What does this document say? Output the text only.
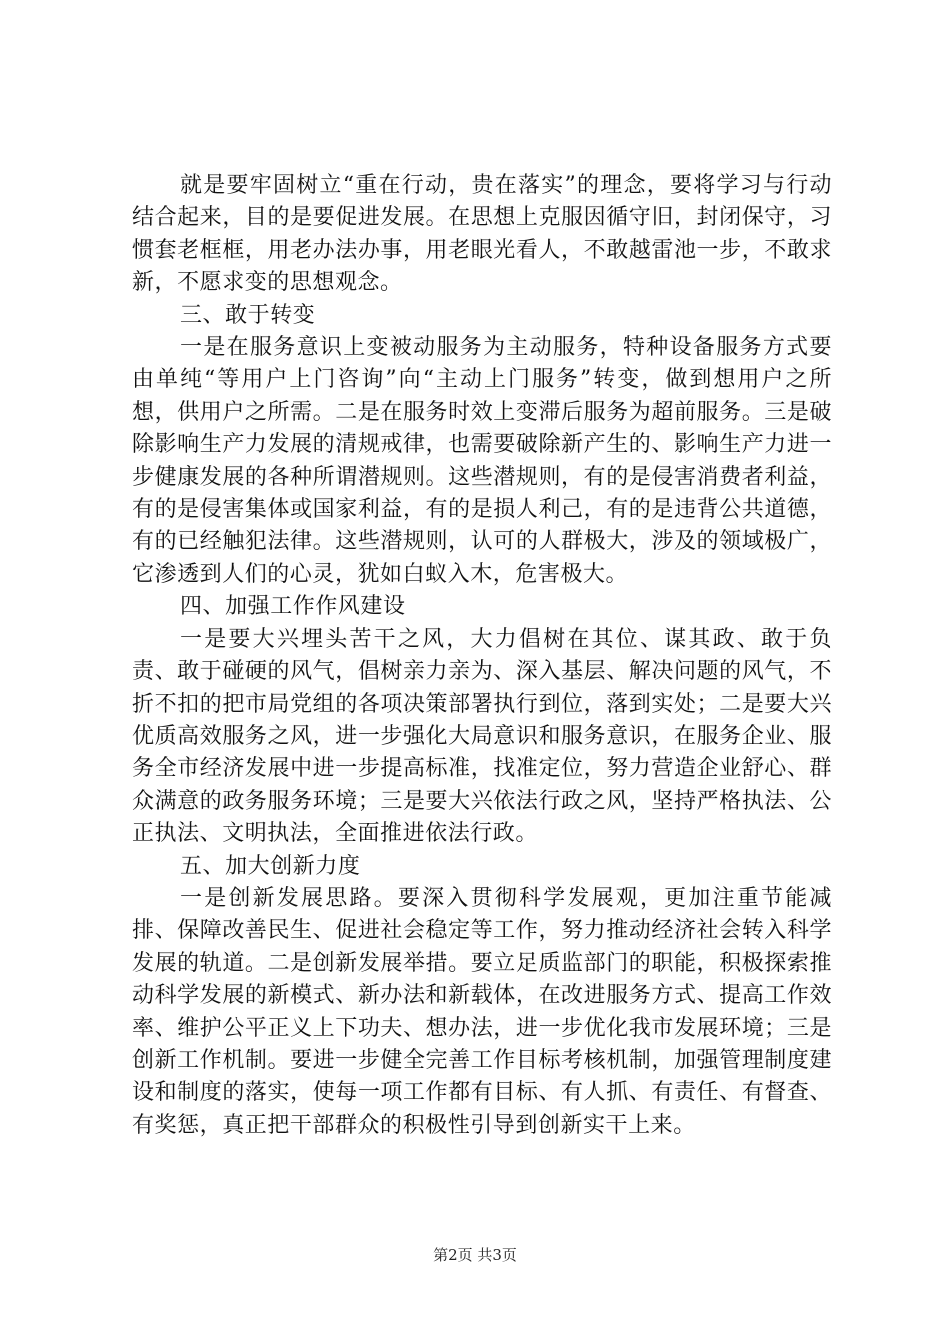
就是要牢固树立“重在行动，贵在落实”的理念，要将学习与行动结合起来，目的是要促进发展。在思想上克服因循守旧，封闭保守，习惯套老框框，用老办法办事，用老眼光看人，不敢越雷池一步，不敢求新，不愿求变的思想观念。

三、敢于转变

一是在服务意识上变被动服务为主动服务，特种设备服务方式要由单纯“等用户上门咨询”向“主动上门服务”转变，做到想用户之所想，供用户之所需。二是在服务时效上变滞后服务为超前服务。三是破除影响生产力发展的清规戒律，也需要破除新产生的、影响生产力进一步健康发展的各种所谓潜规则。这些潜规则，有的是侵害消费者利益，有的是侵害集体或国家利益，有的是损人利己，有的是违背公共道德，有的已经触犯法律。这些潜规则，认可的人群极大，涉及的领域极广，它渗透到人们的心灵，犹如白蚁入木，危害极大。

四、加强工作作风建设

一是要大兴埋头苦干之风，大力倡树在其位、谋其政、敢于负责、敢于碰硬的风气，倡树亲力亲为、深入基层、解决问题的风气，不折不扣的把市局党组的各项决策部署执行到位，落到实处；二是要大兴优质高效服务之风，进一步强化大局意识和服务意识，在服务企业、服务全市经济发展中进一步提高标准，找准定位，努力营造企业舒心、群众满意的政务服务环境；三是要大兴依法行政之风，坚持严格执法、公正执法、文明执法，全面推进依法行政。

五、加大创新力度

一是创新发展思路。要深入贯彻科学发展观，更加注重节能减排、保障改善民生、促进社会稳定等工作，努力推动经济社会转入科学发展的轨道。二是创新发展举措。要立足质监部门的职能，积极探索推动科学发展的新模式、新办法和新载体，在改进服务方式、提高工作效率、维护公平正义上下功夫、想办法，进一步优化我市发展环境；三是创新工作机制。要进一步健全完善工作目标考核机制，加强管理制度建设和制度的落实，使每一项工作都有目标、有人抓、有责任、有督查、有奖惩，真正把干部群众的积极性引导到创新实干上来。

第2页 共3页
